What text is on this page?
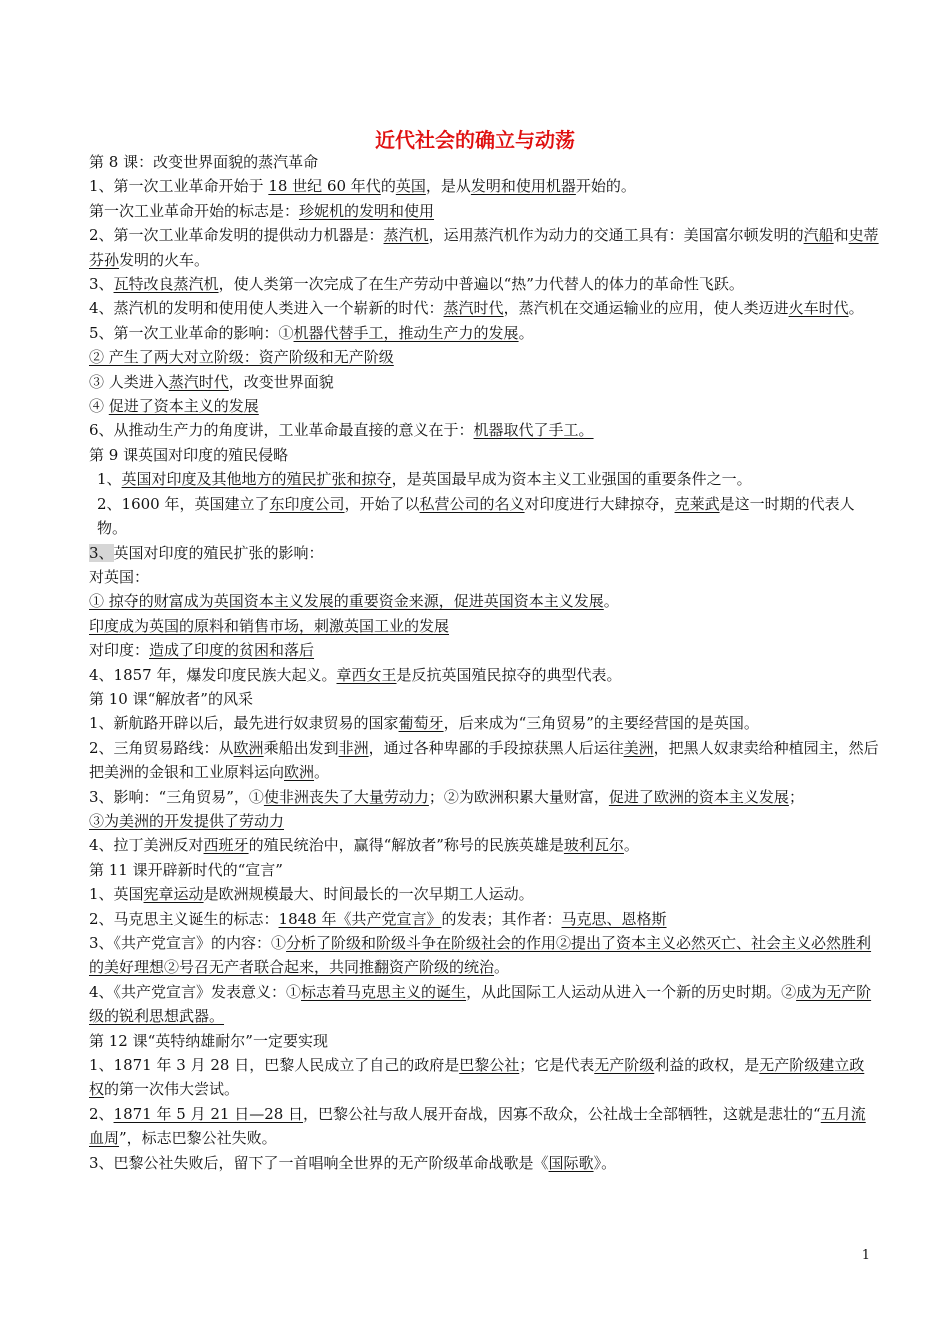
近代社会的确立与动荡
第 8 课：改变世界面貌的蒸汽革命
1、第一次工业革命开始于 18 世纪 60 年代的英国，是从发明和使用机器开始的。
第一次工业革命开始的标志是：珍妮机的发明和使用
2、第一次工业革命发明的提供动力机器是：蒸汽机，运用蒸汽机作为动力的交通工具有：美国富尔顿发明的汽船和史蒂芬孙发明的火车。
3、瓦特改良蒸汽机，使人类第一次完成了在生产劳动中普遍以“热”力代替人的体力的革命性飞跃。
4、蒸汽机的发明和使用使人类进入一个崭新的时代：蒸汽时代，蒸汽机在交通运输业的应用，使人类迈进火车时代。
5、第一次工业革命的影响：①机器代替手工，推动生产力的发展。
② 产生了两大对立阶级：资产阶级和无产阶级
③ 人类进入蒸汽时代，改变世界面貌
④ 促进了资本主义的发展
6、从推动生产力的角度讲，工业革命最直接的意义在于：机器取代了手工。
第 9 课英国对印度的殖民侵略
1、英国对印度及其他地方的殖民扩张和掠夺，是英国最早成为资本主义工业强国的重要条件之一。
2、1600 年，英国建立了东印度公司，开始了以私营公司的名义对印度进行大肆掠夺，克莱武是这一时期的代表人物。
3、英国对印度的殖民扩张的影响：
对英国：
① 掠夺的财富成为英国资本主义发展的重要资金来源，促进英国资本主义发展。
印度成为英国的原料和销售市场，刺激英国工业的发展
对印度：造成了印度的贫困和落后
4、1857 年，爆发印度民族大起义。章西女王是反抗英国殖民掠夺的典型代表。
第 10 课“解放者”的风采
1、新航路开辟以后，最先进行奴隶贸易的国家葡萄牙，后来成为“三角贸易”的主要经营国的是英国。
2、三角贸易路线：从欧洲乘船出发到非洲，通过各种卑鄙的手段掠获黑人后运往美洲，把黑人奴隶卖给种植园主，然后把美洲的金银和工业原料运向欧洲。
3、影响：“三角贸易”，①使非洲丧失了大量劳动力；②为欧洲积累大量财富，促进了欧洲的资本主义发展；
③为美洲的开发提供了劳动力
4、拉丁美洲反对西班牙的殖民统治中，赢得“解放者”称号的民族英雄是玻利瓦尔。
第 11 课开辟新时代的“宣言”
1、英国宪章运动是欧洲规模最大、时间最长的一次早期工人运动。
2、马克思主义诞生的标志：1848 年《共产党宣言》的发表；其作者：马克思、恩格斯
3、《共产党宣言》的内容：①分析了阶级和阶级斗争在阶级社会的作用②提出了资本主义必然灭亡、社会主义必然胜利的美好理想②号召无产者联合起来，共同推翻资产阶级的统治。
4、《共产党宣言》发表意义：①标志着马克思主义的诞生，从此国际工人运动从进入一个新的历史时期。②成为无产阶级的锐利思想武器。
第 12 课“英特纳雄耐尔”一定要实现
1、1871 年 3 月 28 日，巴黎人民成立了自己的政府是巴黎公社；它是代表无产阶级利益的政权，是无产阶级建立政权的第一次伟大尝试。
2、1871 年 5 月 21 日—28 日，巴黎公社与敌人展开奋战，因寡不敌众，公社战士全部牺牲，这就是悲壮的“五月流血周”，标志巴黎公社失败。
3、巴黎公社失败后，留下了一首唱响全世界的无产阶级革命战歌是《国际歌》。
1
